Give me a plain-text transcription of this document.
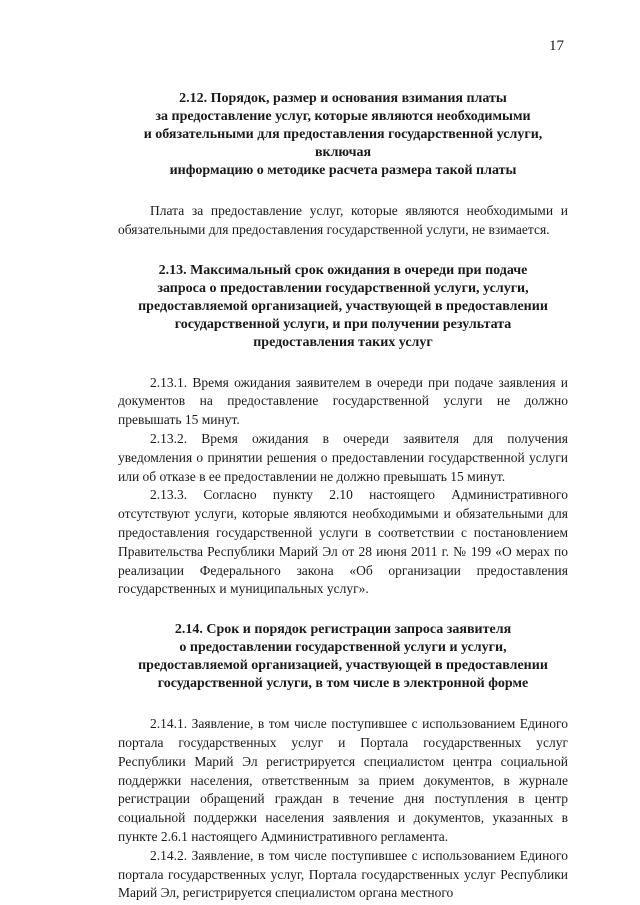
17
2.12. Порядок, размер и основания взимания платы
за предоставление услуг, которые являются необходимыми
и обязательными для предоставления государственной услуги, включая
информацию о методике расчета размера такой платы

Плата за предоставление услуг, которые являются необходимыми и обязательными для предоставления государственной услуги, не взимается.

2.13. Максимальный срок ожидания в очереди при подаче
запроса о предоставлении государственной услуги, услуги,
предоставляемой организацией, участвующей в предоставлении
государственной услуги, и при получении результата
предоставления таких услуг

2.13.1. Время ожидания заявителем в очереди при подаче заявления и документов на предоставление государственной услуги не должно превышать 15 минут.

2.13.2. Время ожидания в очереди заявителя для получения уведомления о принятии решения о предоставлении государственной услуги или об отказе в ее предоставлении не должно превышать 15 минут.

2.13.3. Согласно пункту 2.10 настоящего Административного отсутствуют услуги, которые являются необходимыми и обязательными для предоставления государственной услуги в соответствии с постановлением Правительства Республики Марий Эл от 28 июня 2011 г. № 199 «О мерах по реализации Федерального закона «Об организации предоставления государственных и муниципальных услуг».

2.14. Срок и порядок регистрации запроса заявителя
о предоставлении государственной услуги и услуги,
предоставляемой организацией, участвующей в предоставлении
государственной услуги, в том числе в электронной форме

2.14.1. Заявление, в том числе поступившее с использованием Единого портала государственных услуг и Портала государственных услуг Республики Марий Эл регистрируется специалистом центра социальной поддержки населения, ответственным за прием документов, в журнале регистрации обращений граждан в течение дня поступления в центр социальной поддержки населения заявления и документов, указанных в пункте 2.6.1 настоящего Административного регламента.

2.14.2. Заявление, в том числе поступившее с использованием Единого портала государственных услуг, Портала государственных услуг Республики Марий Эл, регистрируется специалистом органа местного
